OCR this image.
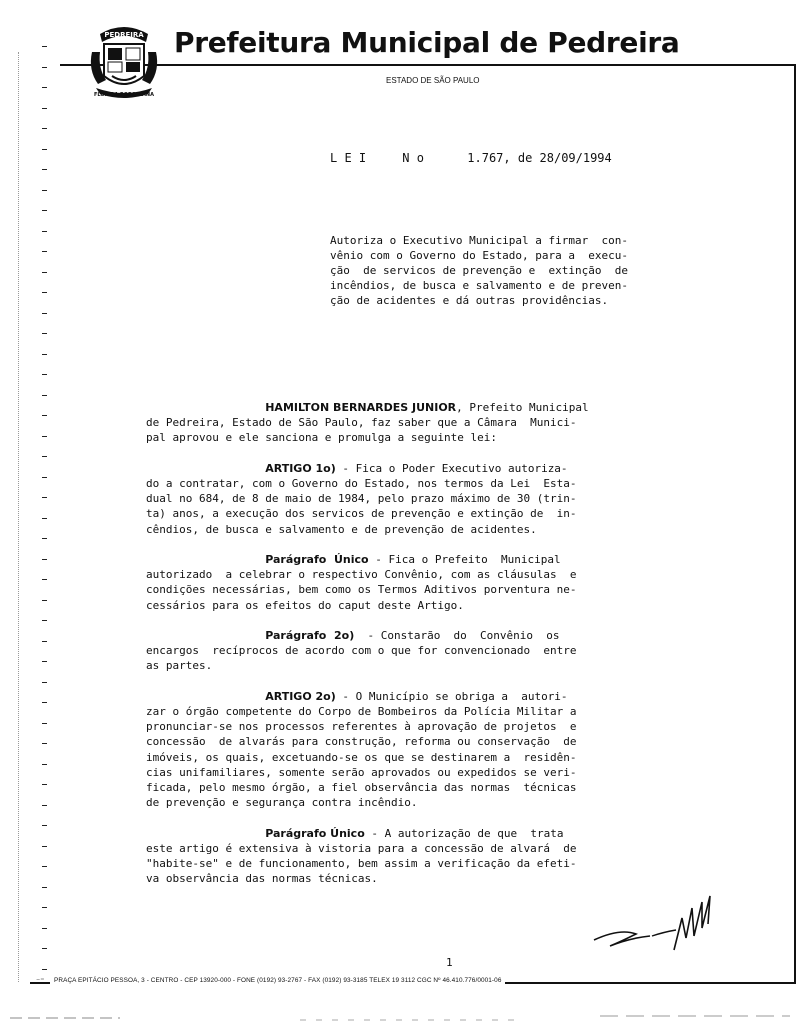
PEDREIRA
FLOR DA PORCELANA
Prefeitura Municipal de Pedreira
ESTADO DE SÃO PAULO
L E I     N o      1.767, de 28/09/1994
Autoriza o Executivo Municipal a firmar  con-
vênio com o Governo do Estado, para a  execu-
ção  de servicos de prevenção e  extinção  de
incêndios, de busca e salvamento e de preven-
ção de acidentes e dá outras providências.
HAMILTON BERNARDES JUNIOR, Prefeito Municipal
de Pedreira, Estado de São Paulo, faz saber que a Câmara  Munici-
pal aprovou e ele sanciona e promulga a seguinte lei:
ARTIGO 1o) - Fica o Poder Executivo autoriza-
do a contratar, com o Governo do Estado, nos termos da Lei  Esta-
dual no 684, de 8 de maio de 1984, pelo prazo máximo de 30 (trin-
ta) anos, a execução dos servicos de prevenção e extinção de  in-
cêndios, de busca e salvamento e de prevenção de acidentes.
Parágrafo  Único - Fica o Prefeito  Municipal
autorizado  a celebrar o respectivo Convênio, com as cláusulas  e
condições necessárias, bem como os Termos Aditivos porventura ne-
cessários para os efeitos do caput deste Artigo.
Parágrafo  2o)  - Constarão  do  Convênio  os
encargos  recíprocos de acordo com o que for convencionado  entre
as partes.
ARTIGO 2o) - O Município se obriga a  autori-
zar o órgão competente do Corpo de Bombeiros da Polícia Militar a
pronunciar-se nos processos referentes à aprovação de projetos  e
concessão  de alvarás para construção, reforma ou conservação  de
imóveis, os quais, excetuando-se os que se destinarem a  residên-
cias unifamiliares, somente serão aprovados ou expedidos se veri-
ficada, pelo mesmo órgão, a fiel observância das normas  técnicas
de prevenção e segurança contra incêndio.
Parágrafo Único - A autorização de que  trata
este artigo é extensiva à vistoria para a concessão de alvará  de
"habite-se" e de funcionamento, bem assim a verificação da efeti-
va observância das normas técnicas.
1
⁻⁼	PRAÇA EPITÁCIO PESSOA, 3 - CENTRO - CEP 13920-000 - FONE (0192) 93-2767 - FAX (0192) 93-3185 TELEX 19 3112 CGC Nº 46.410.776/0001-06
